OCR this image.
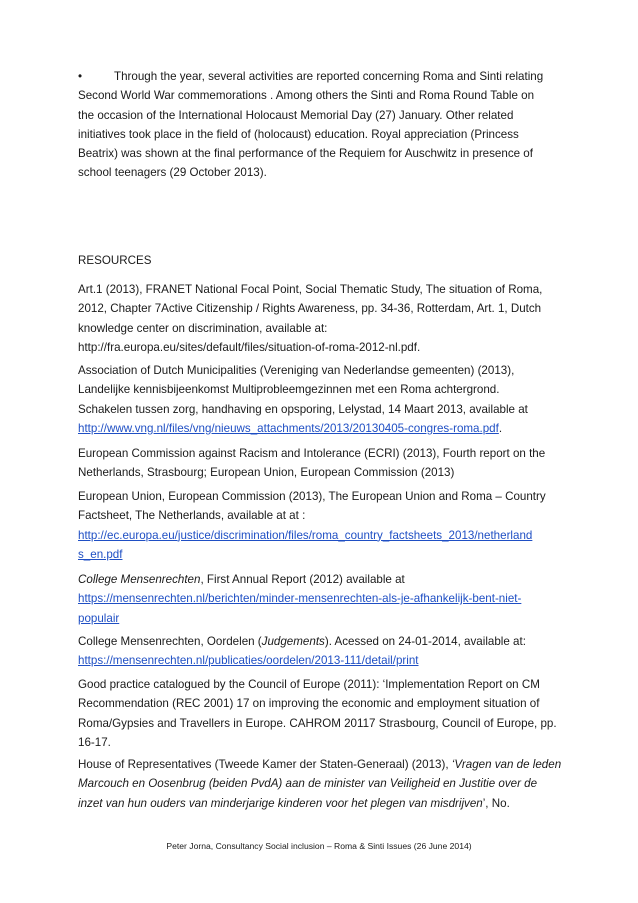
•	Through the year, several activities are reported concerning Roma and Sinti relating
Second World War commemorations . Among others the Sinti and Roma Round Table on
the occasion of the International Holocaust Memorial Day (27) January. Other related
initiatives took place in the field of (holocaust) education. Royal appreciation (Princess
Beatrix) was shown at the final performance of the Requiem for Auschwitz in presence of
school teenagers (29 October 2013).
RESOURCES
Art.1 (2013), FRANET National Focal Point, Social Thematic Study, The situation of Roma,
2012, Chapter 7Active Citizenship / Rights Awareness, pp. 34-36, Rotterdam, Art. 1, Dutch
knowledge center on discrimination, available at:
http://fra.europa.eu/sites/default/files/situation-of-roma-2012-nl.pdf.
Association of Dutch Municipalities (Vereniging van Nederlandse gemeenten) (2013),
Landelijke kennisbijeenkomst Multiprobleemgezinnen met een Roma achtergrond.
Schakelen tussen zorg, handhaving en opsporing, Lelystad, 14 Maart 2013, available at
http://www.vng.nl/files/vng/nieuws_attachments/2013/20130405-congres-roma.pdf.
European Commission against Racism and Intolerance (ECRI) (2013), Fourth report on the
Netherlands, Strasbourg; European Union, European Commission (2013)
European Union, European Commission (2013), The European Union and Roma – Country
Factsheet, The Netherlands, available at at :
http://ec.europa.eu/justice/discrimination/files/roma_country_factsheets_2013/netherland
s_en.pdf
College Mensenrechten, First Annual Report (2012) available at
https://mensenrechten.nl/berichten/minder-mensenrechten-als-je-afhankelijk-bent-niet-
populair
College Mensenrechten, Oordelen (Judgements). Acessed on 24-01-2014, available at:
https://mensenrechten.nl/publicaties/oordelen/2013-111/detail/print
Good practice catalogued by the Council of Europe (2011): ‘Implementation Report on CM
Recommendation (REC 2001) 17 on improving the economic and employment situation of
Roma/Gypsies and Travellers in Europe. CAHROM 20117 Strasbourg, Council of Europe, pp.
16-17.
House of Representatives (Tweede Kamer der Staten-Generaal) (2013), ‘Vragen van de leden
Marcouch en Oosenbrug (beiden PvdA) aan de minister van Veiligheid en Justitie over de
inzet van hun ouders van minderjarige kinderen voor het plegen van misdrijven’, No.
Peter Jorna, Consultancy Social inclusion – Roma & Sinti Issues (26 June 2014)
